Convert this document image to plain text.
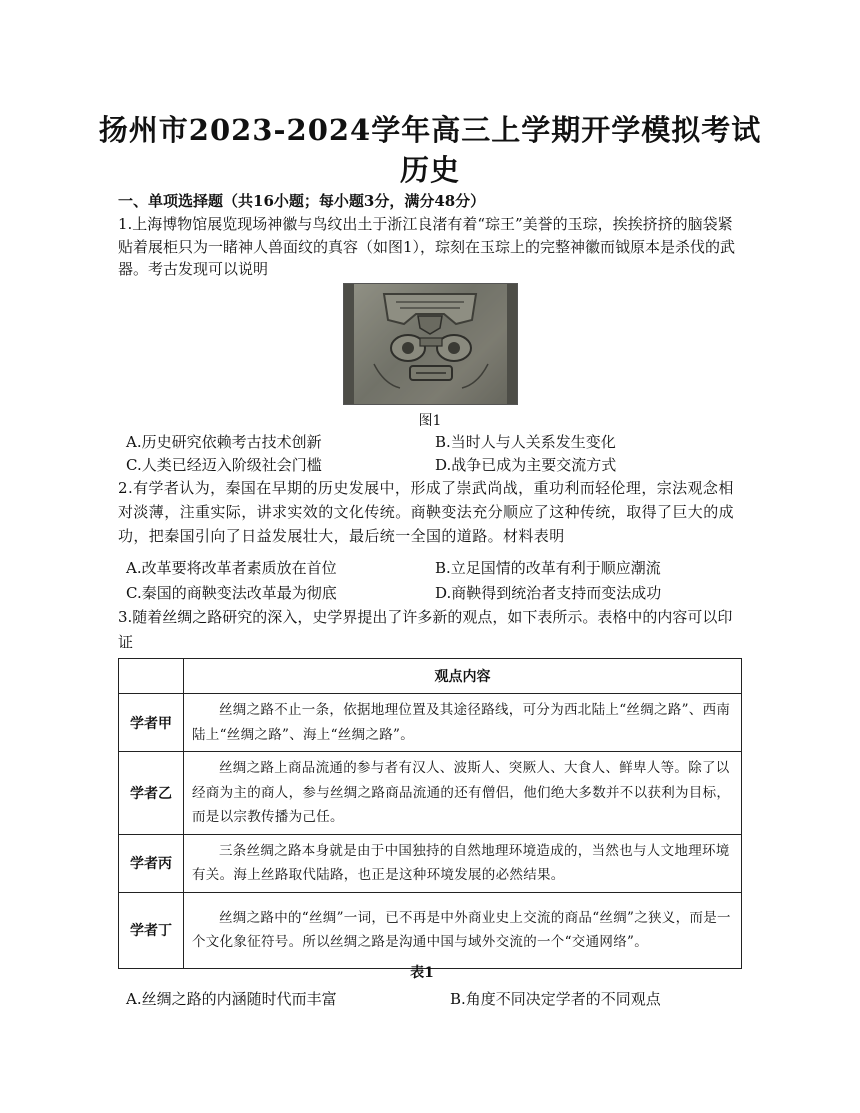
扬州市2023-2024学年高三上学期开学模拟考试
历史
一、单项选择题（共16小题；每小题3分，满分48分）
1.上海博物馆展览现场神徽与鸟纹出土于浙江良渚有着“琮王”美誉的玉琮，挨挨挤挤的脑袋紧贴着展柜只为一睹神人兽面纹的真容（如图1），琮刻在玉琮上的完整神徽而钺原本是杀伐的武器。考古发现可以说明
图1
A.历史研究依赖考古技术创新	B.当时人与人关系发生变化
C.人类已经迈入阶级社会门槛	D.战争已成为主要交流方式
2.有学者认为，秦国在早期的历史发展中，形成了崇武尚战，重功利而轻伦理，宗法观念相对淡薄，注重实际，讲求实效的文化传统。商鞅变法充分顺应了这种传统，取得了巨大的成功，把秦国引向了日益发展壮大，最后统一全国的道路。材料表明
A.改革要将改革者素质放在首位	B.立足国情的改革有利于顺应潮流
C.秦国的商鞅变法改革最为彻底	D.商鞅得到统治者支持而变法成功
3.随着丝绸之路研究的深入，史学界提出了许多新的观点，如下表所示。表格中的内容可以印证
	观点内容
学者甲	丝绸之路不止一条，依据地理位置及其途径路线，可分为西北陆上“丝绸之路”、西南陆上“丝绸之路”、海上“丝绸之路”。
学者乙	丝绸之路上商品流通的参与者有汉人、波斯人、突厥人、大食人、鲜卑人等。除了以经商为主的商人，参与丝绸之路商品流通的还有僧侣，他们绝大多数并不以获利为目标，而是以宗教传播为己任。
学者丙	三条丝绸之路本身就是由于中国独持的自然地理环境造成的，当然也与人文地理环境有关。海上丝路取代陆路，也正是这种环境发展的必然结果。
学者丁	丝绸之路中的“丝绸”一词，已不再是中外商业史上交流的商品“丝绸”之狭义，而是一个文化象征符号。所以丝绸之路是沟通中国与域外交流的一个“交通网络”。
表1
A.丝绸之路的内涵随时代而丰富	B.角度不同决定学者的不同观点
